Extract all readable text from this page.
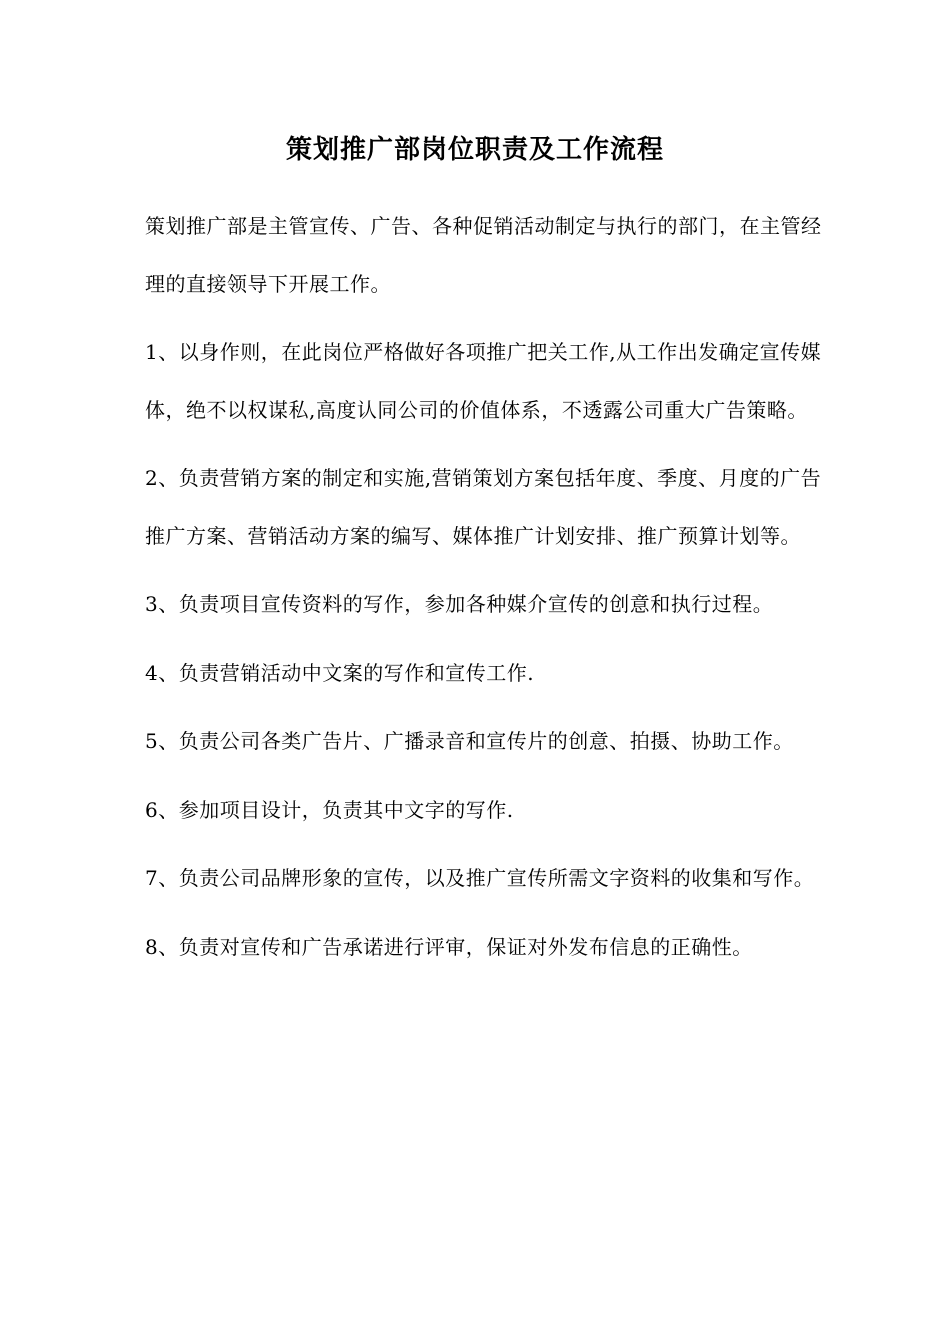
策划推广部岗位职责及工作流程

策划推广部是主管宣传、广告、各种促销活动制定与执行的部门，在主管经理的直接领导下开展工作。

1、以身作则，在此岗位严格做好各项推广把关工作,从工作出发确定宣传媒体，绝不以权谋私,高度认同公司的价值体系，不透露公司重大广告策略。

2、负责营销方案的制定和实施,营销策划方案包括年度、季度、月度的广告推广方案、营销活动方案的编写、媒体推广计划安排、推广预算计划等。

3、负责项目宣传资料的写作，参加各种媒介宣传的创意和执行过程。

4、负责营销活动中文案的写作和宣传工作.

5、负责公司各类广告片、广播录音和宣传片的创意、拍摄、协助工作。

6、参加项目设计，负责其中文字的写作.

7、负责公司品牌形象的宣传，以及推广宣传所需文字资料的收集和写作。

8、负责对宣传和广告承诺进行评审，保证对外发布信息的正确性。
